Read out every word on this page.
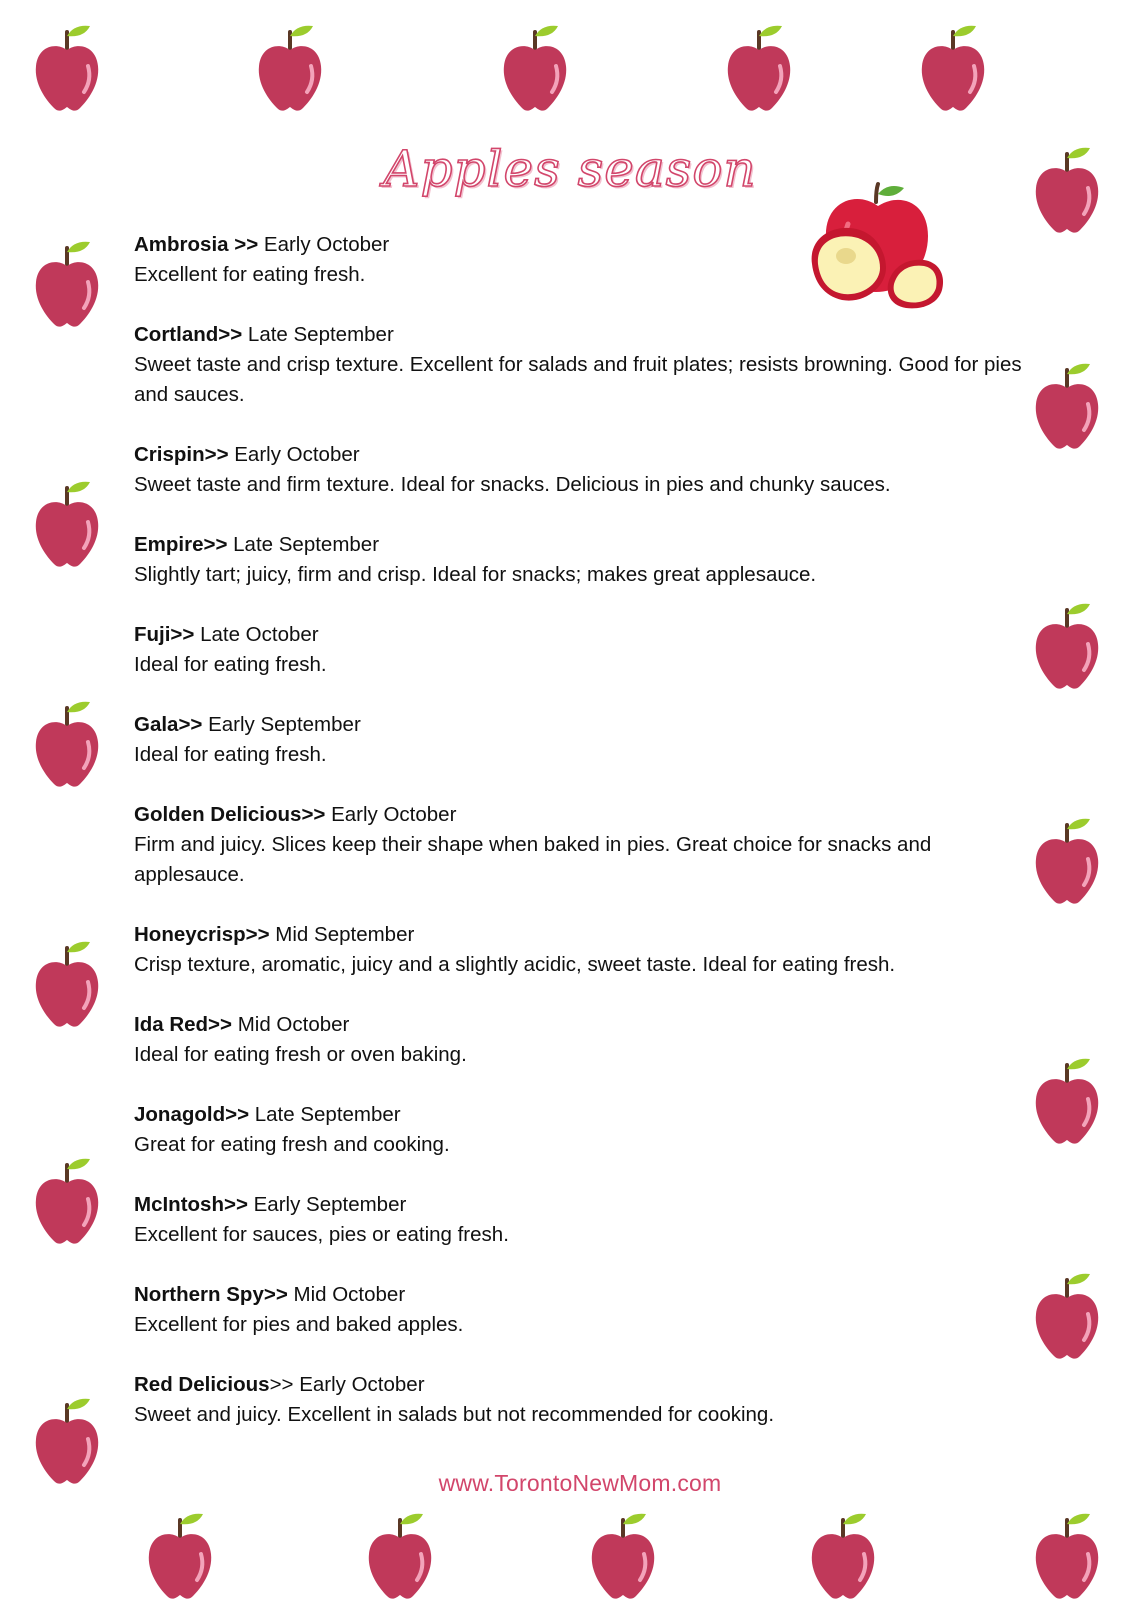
Apples season
Ambrosia >> Early October
Excellent for eating fresh.
Cortland>> Late September
Sweet taste and crisp texture. Excellent for salads and fruit plates; resists browning. Good for pies and sauces.
Crispin>> Early October
Sweet taste and firm texture. Ideal for snacks. Delicious in pies and chunky sauces.
Empire>> Late September
Slightly tart; juicy, firm and crisp. Ideal for snacks; makes great applesauce.
Fuji>> Late October
Ideal for eating fresh.
Gala>> Early September
Ideal for eating fresh.
Golden Delicious>> Early October
Firm and juicy. Slices keep their shape when baked in pies. Great choice for snacks and applesauce.
Honeycrisp>> Mid September
Crisp texture, aromatic, juicy and a slightly acidic, sweet taste. Ideal for eating fresh.
Ida Red>> Mid October
Ideal for eating fresh or oven baking.
Jonagold>> Late September
Great for eating fresh and cooking.
McIntosh>> Early September
Excellent for sauces, pies or eating fresh.
Northern Spy>> Mid October
Excellent for pies and baked apples.
Red Delicious>> Early October
Sweet and juicy. Excellent in salads but not recommended for cooking.
www.TorontoNewMom.com
